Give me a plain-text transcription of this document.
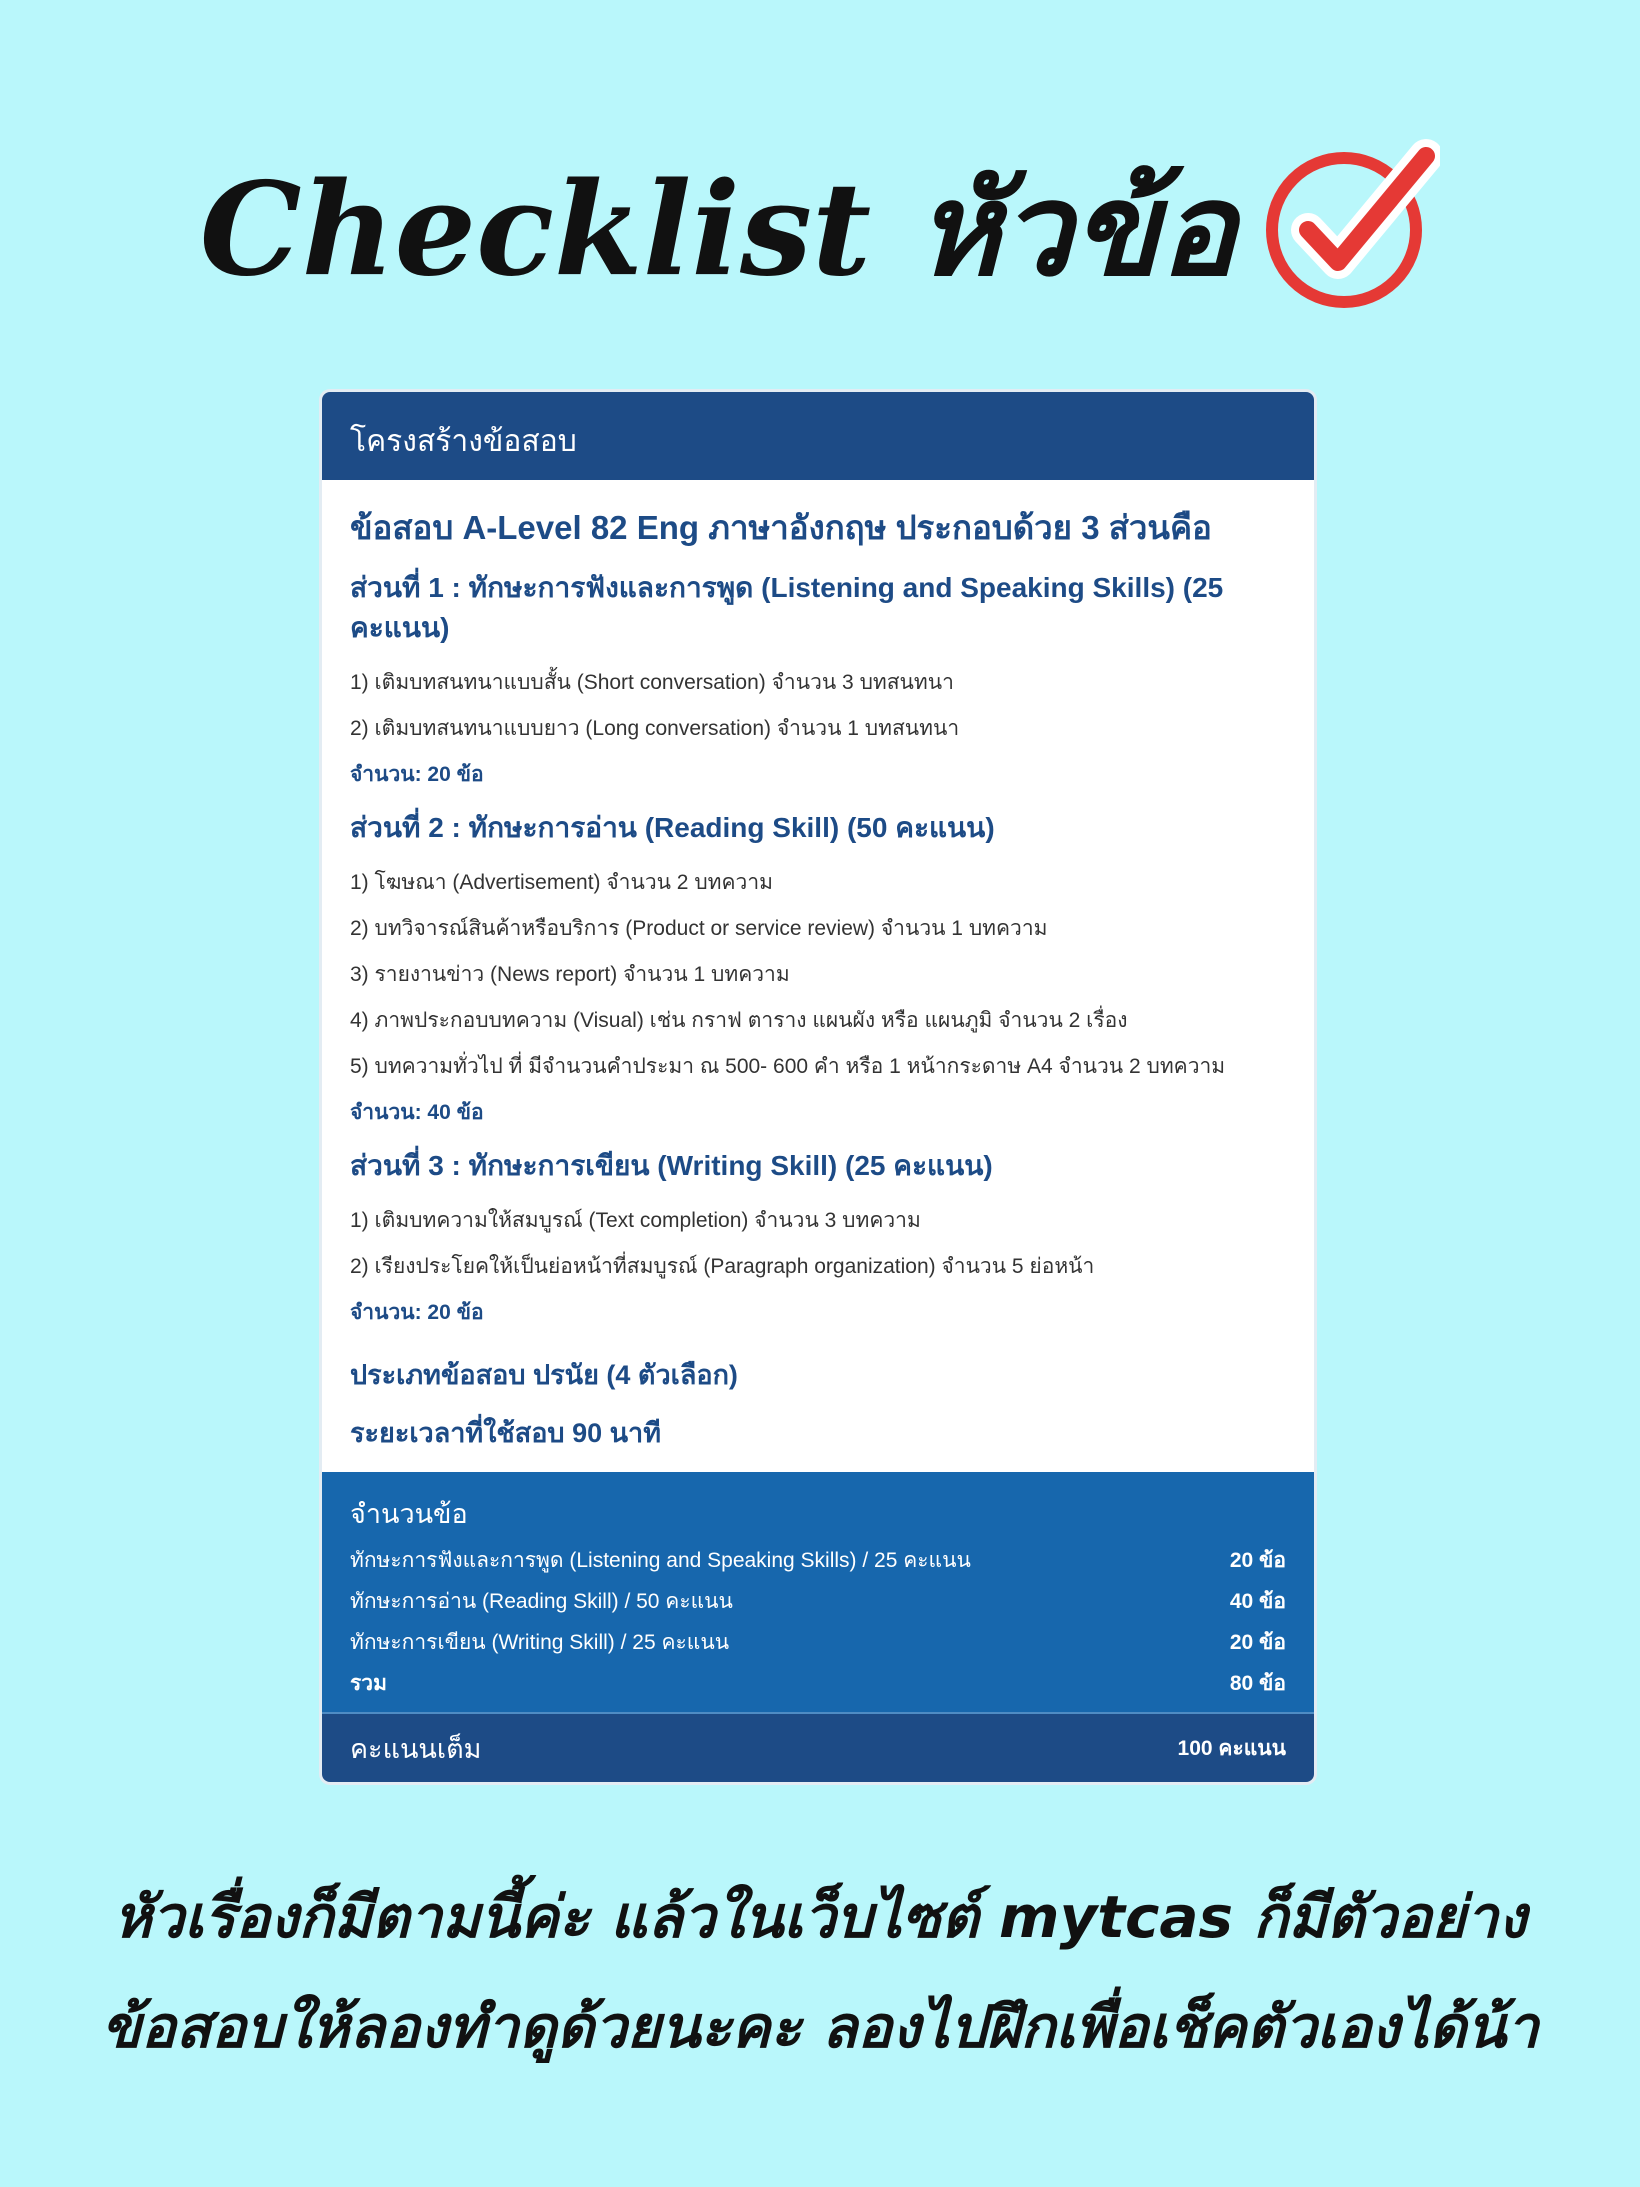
Checklist หัวข้อ
โครงสร้างข้อสอบ

ข้อสอบ A-Level 82 Eng ภาษาอังกฤษ ประกอบด้วย 3 ส่วนคือ

ส่วนที่ 1 : ทักษะการฟังและการพูด (Listening and Speaking Skills) (25 คะแนน)

1) เติมบทสนทนาแบบสั้น (Short conversation) จำนวน 3 บทสนทนา

2) เติมบทสนทนาแบบยาว (Long conversation) จำนวน 1 บทสนทนา

จำนวน: 20 ข้อ

ส่วนที่ 2 : ทักษะการอ่าน (Reading Skill) (50 คะแนน)

1) โฆษณา (Advertisement) จำนวน 2 บทความ

2) บทวิจารณ์สินค้าหรือบริการ (Product or service review) จำนวน 1 บทความ

3) รายงานข่าว (News report) จำนวน 1 บทความ

4) ภาพประกอบบทความ (Visual) เช่น กราฟ ตาราง แผนผัง หรือ แผนภูมิ จำนวน 2 เรื่อง

5) บทความทั่วไป ที่ มีจำนวนคำประมา ณ 500- 600 คำ หรือ 1 หน้ากระดาษ A4 จำนวน 2 บทความ

จำนวน: 40 ข้อ

ส่วนที่ 3 : ทักษะการเขียน (Writing Skill) (25 คะแนน)

1) เติมบทความให้สมบูรณ์ (Text completion) จำนวน 3 บทความ

2) เรียงประโยคให้เป็นย่อหน้าที่สมบูรณ์ (Paragraph organization) จำนวน 5 ย่อหน้า

จำนวน: 20 ข้อ

ประเภทข้อสอบ ปรนัย (4 ตัวเลือก)

ระยะเวลาที่ใช้สอบ 90 นาที

จำนวนข้อ
ทักษะการฟังและการพูด (Listening and Speaking Skills) / 25 คะแนน	20 ข้อ
ทักษะการอ่าน (Reading Skill) / 50 คะแนน	40 ข้อ
ทักษะการเขียน (Writing Skill) / 25 คะแนน	20 ข้อ
รวม	80 ข้อ
คะแนนเต็ม	100 คะแนน
หัวเรื่องก็มีตามนี้ค่ะ แล้วในเว็บไซต์ mytcas ก็มีตัวอย่าง
ข้อสอบให้ลองทำดูด้วยนะคะ ลองไปฝึกเพื่อเช็คตัวเองได้น้า
